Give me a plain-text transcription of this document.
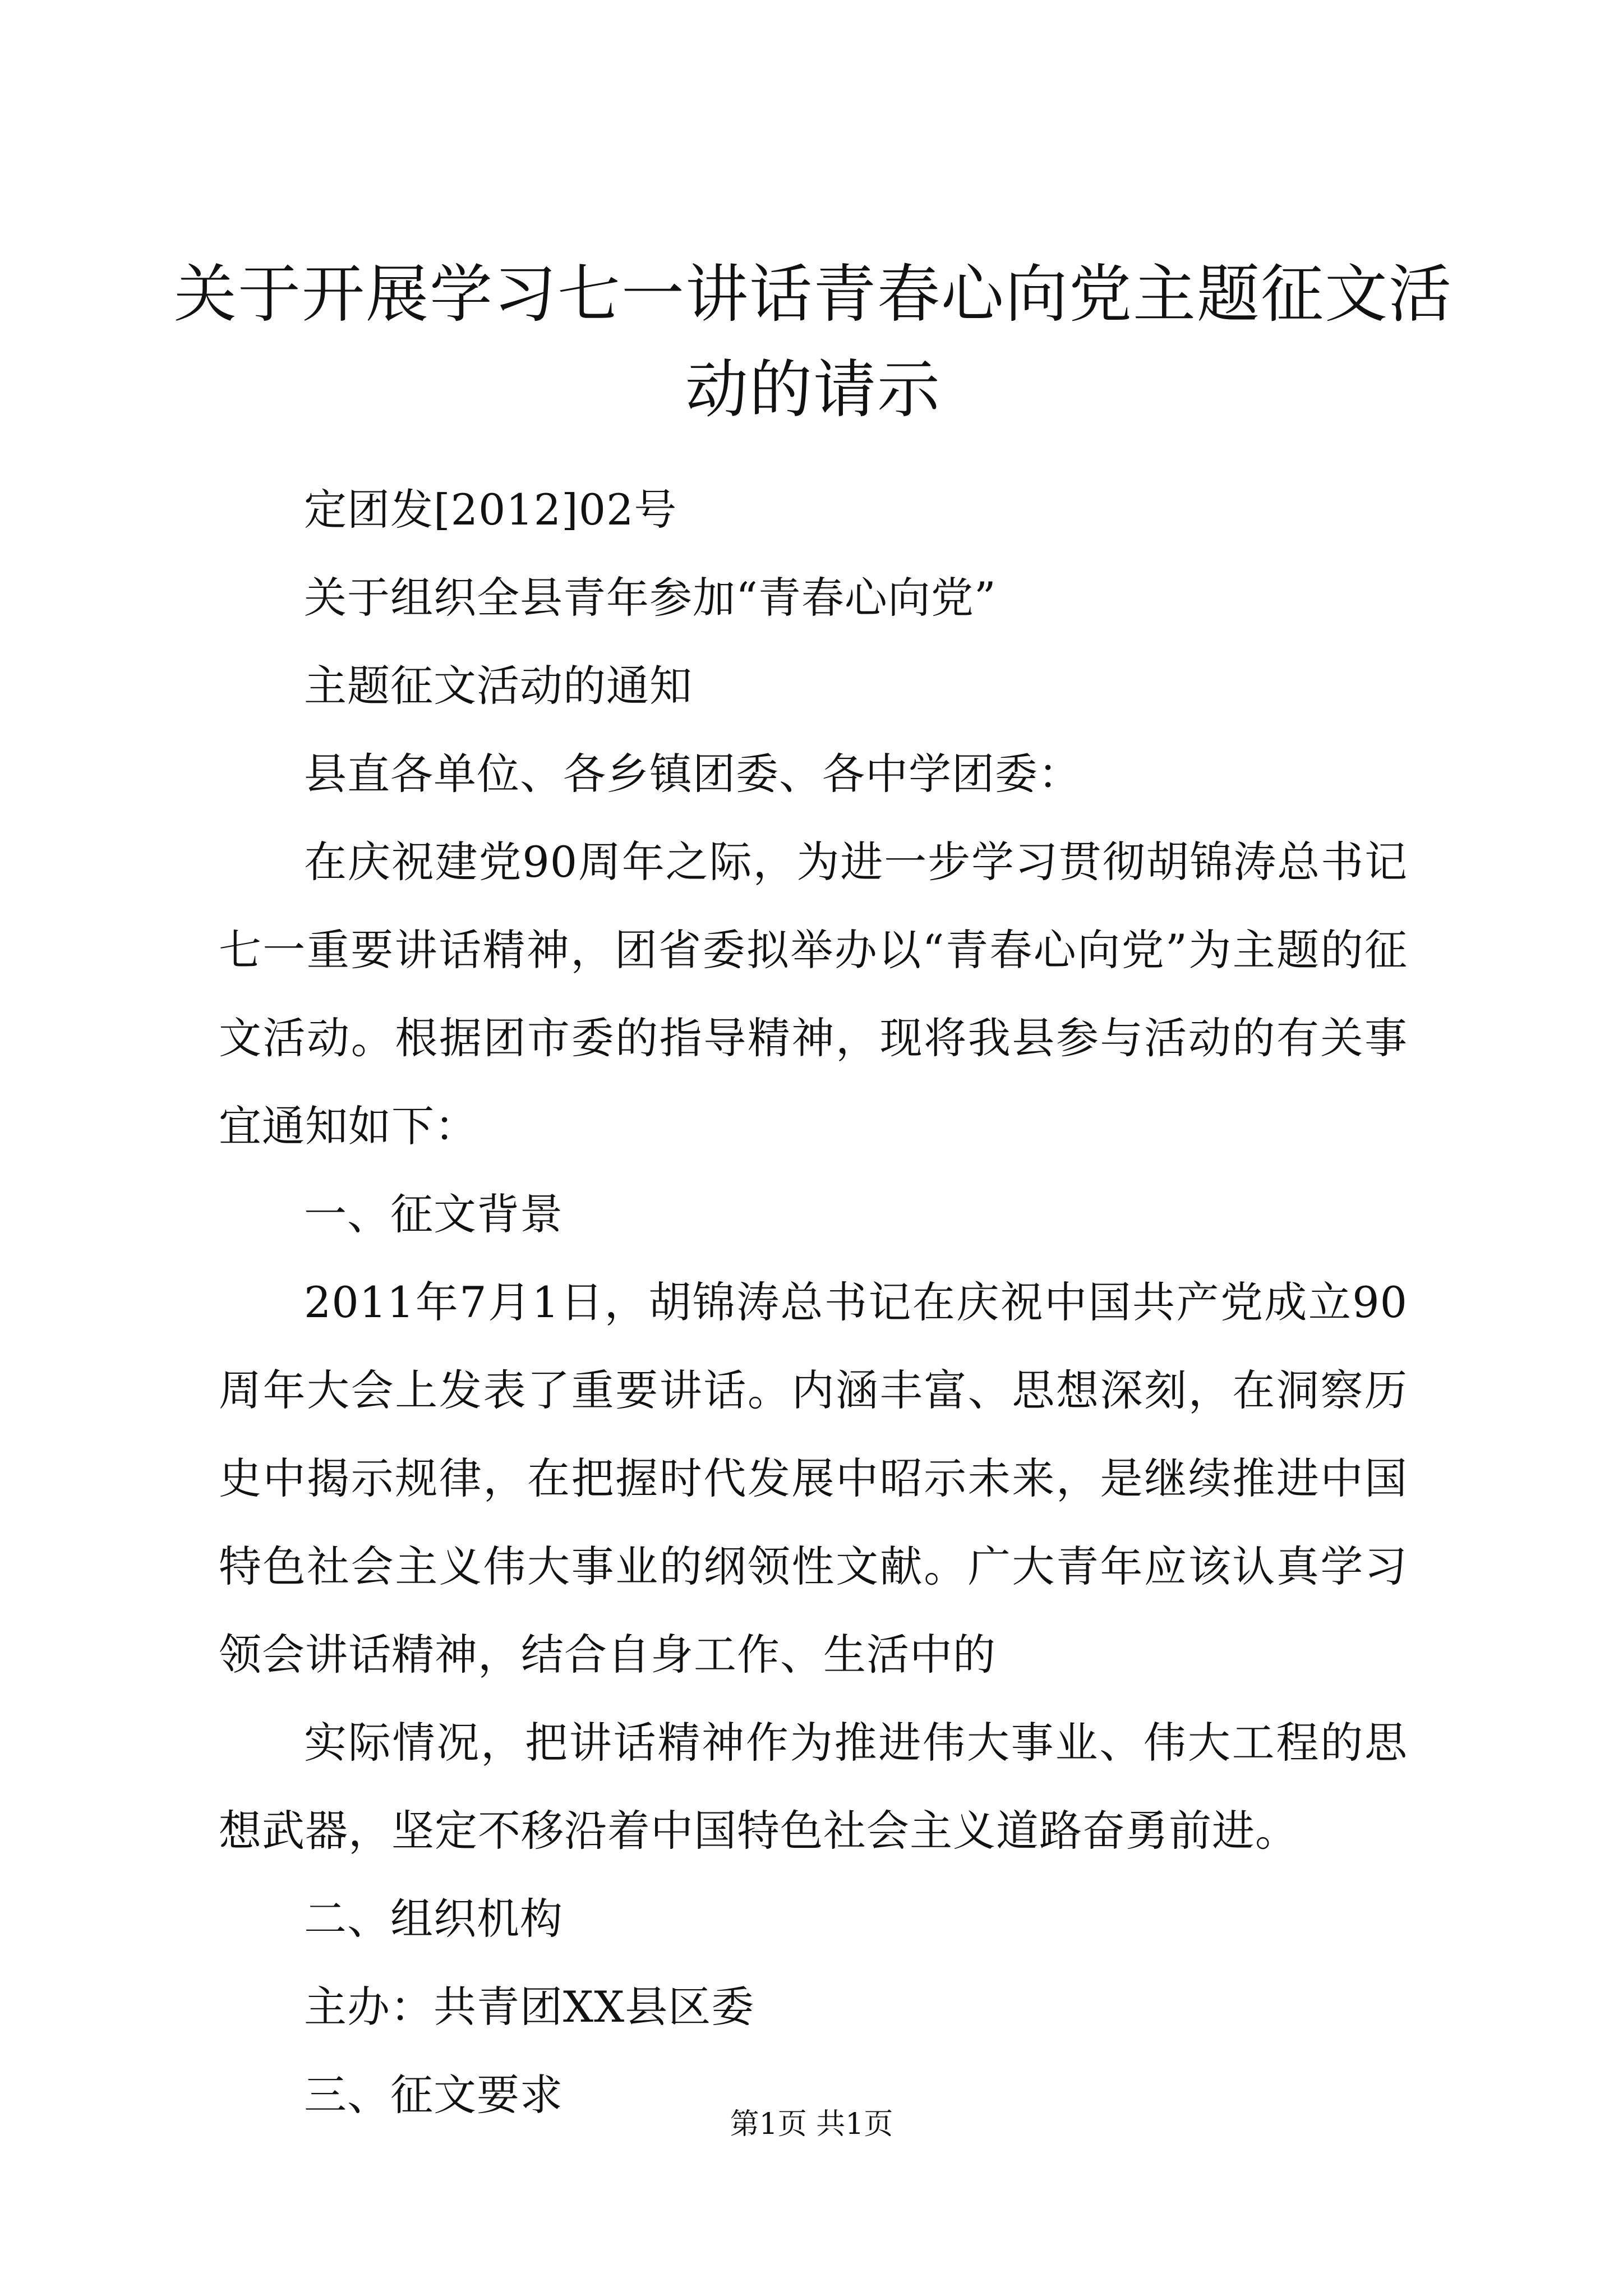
关于开展学习七一讲话青春心向党主题征文活动的请示

定团发[2012]02号

关于组织全县青年参加“青春心向党”

主题征文活动的通知

县直各单位、各乡镇团委、各中学团委：

在庆祝建党90周年之际，为进一步学习贯彻胡锦涛总书记七一重要讲话精神，团省委拟举办以“青春心向党”为主题的征文活动。根据团市委的指导精神，现将我县参与活动的有关事宜通知如下：

一、征文背景

2011年7月1日，胡锦涛总书记在庆祝中国共产党成立90周年大会上发表了重要讲话。内涵丰富、思想深刻，在洞察历史中揭示规律，在把握时代发展中昭示未来，是继续推进中国特色社会主义伟大事业的纲领性文献。广大青年应该认真学习领会讲话精神，结合自身工作、生活中的

实际情况，把讲话精神作为推进伟大事业、伟大工程的思想武器，坚定不移沿着中国特色社会主义道路奋勇前进。

二、组织机构

主办：共青团XX县区委

三、征文要求

第1页 共1页
